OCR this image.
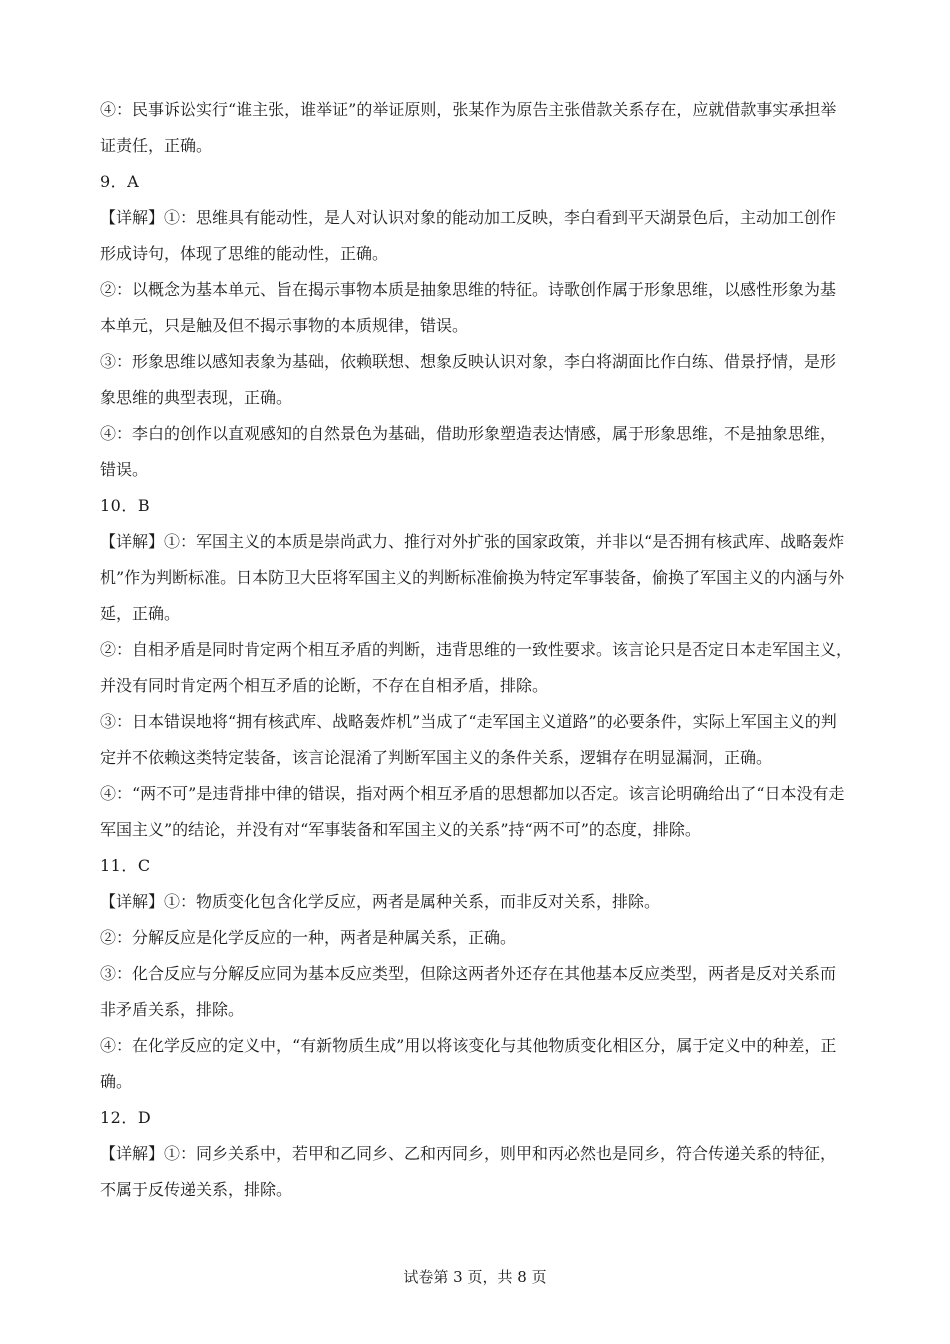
④：民事诉讼实行“谁主张，谁举证”的举证原则，张某作为原告主张借款关系存在，应就借款事实承担举
证责任，正确。
9．A
【详解】①：思维具有能动性，是人对认识对象的能动加工反映，李白看到平天湖景色后，主动加工创作
形成诗句，体现了思维的能动性，正确。
②：以概念为基本单元、旨在揭示事物本质是抽象思维的特征。诗歌创作属于形象思维，以感性形象为基
本单元，只是触及但不揭示事物的本质规律，错误。
③：形象思维以感知表象为基础，依赖联想、想象反映认识对象，李白将湖面比作白练、借景抒情，是形
象思维的典型表现，正确。
④：李白的创作以直观感知的自然景色为基础，借助形象塑造表达情感，属于形象思维，不是抽象思维，
错误。
10．B
【详解】①：军国主义的本质是崇尚武力、推行对外扩张的国家政策，并非以“是否拥有核武库、战略轰炸
机”作为判断标准。日本防卫大臣将军国主义的判断标准偷换为特定军事装备，偷换了军国主义的内涵与外
延，正确。
②：自相矛盾是同时肯定两个相互矛盾的判断，违背思维的一致性要求。该言论只是否定日本走军国主义，
并没有同时肯定两个相互矛盾的论断，不存在自相矛盾，排除。
③：日本错误地将“拥有核武库、战略轰炸机”当成了“走军国主义道路”的必要条件，实际上军国主义的判
定并不依赖这类特定装备，该言论混淆了判断军国主义的条件关系，逻辑存在明显漏洞，正确。
④：“两不可”是违背排中律的错误，指对两个相互矛盾的思想都加以否定。该言论明确给出了“日本没有走
军国主义”的结论，并没有对“军事装备和军国主义的关系”持“两不可”的态度，排除。
11．C
【详解】①：物质变化包含化学反应，两者是属种关系，而非反对关系，排除。
②：分解反应是化学反应的一种，两者是种属关系，正确。
③：化合反应与分解反应同为基本反应类型，但除这两者外还存在其他基本反应类型，两者是反对关系而
非矛盾关系，排除。
④：在化学反应的定义中，“有新物质生成”用以将该变化与其他物质变化相区分，属于定义中的种差，正
确。
12．D
【详解】①：同乡关系中，若甲和乙同乡、乙和丙同乡，则甲和丙必然也是同乡，符合传递关系的特征，
不属于反传递关系，排除。
试卷第 3 页，共 8 页
